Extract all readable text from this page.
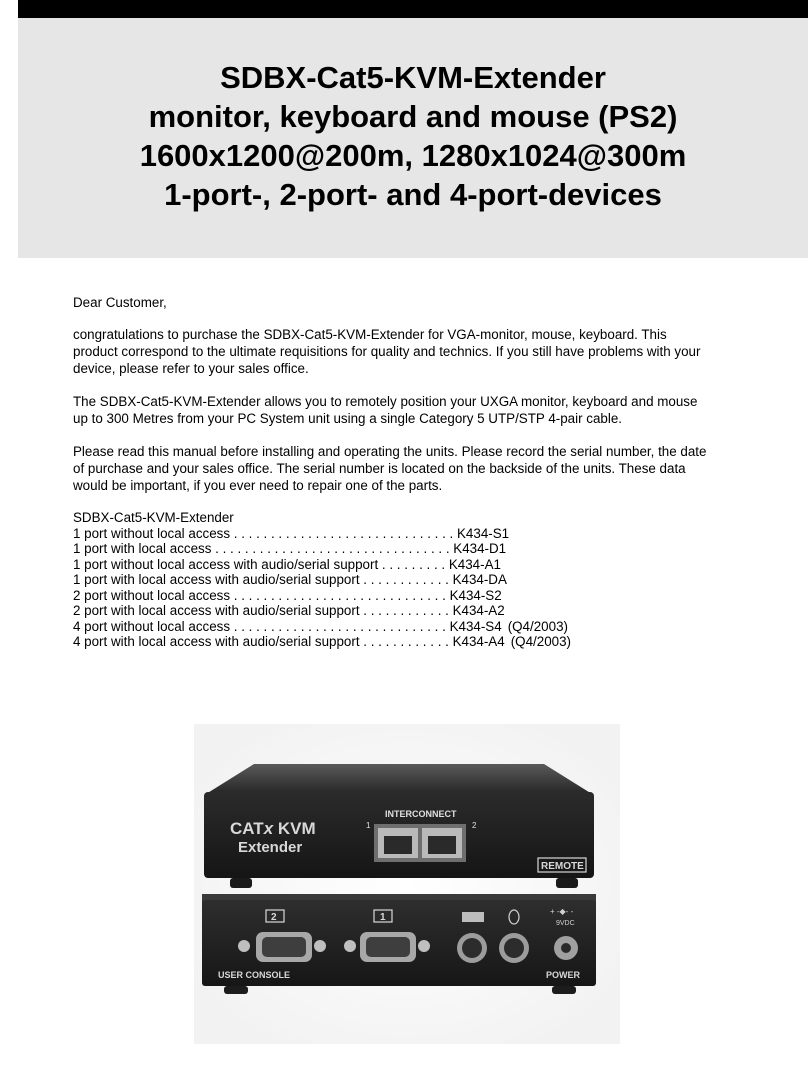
SDBX-Cat5-KVM-Extender
monitor, keyboard and mouse (PS2)
1600x1200@200m, 1280x1024@300m
1-port-, 2-port- and 4-port-devices

Dear Customer,

congratulations to purchase the SDBX-Cat5-KVM-Extender for VGA-monitor, mouse, keyboard. This product correspond to the ultimate requisitions for quality and technics. If you still have problems with your device, please refer to your sales office.

The SDBX-Cat5-KVM-Extender allows you to remotely position your UXGA monitor, keyboard and mouse up to 300 Metres from your PC System unit using a single Category 5 UTP/STP 4-pair cable.

Please read this manual before installing and operating the units. Please record the serial number, the date of purchase and your sales office. The serial number is located on the backside of the units. These data would be important, if you ever need to repair one of the parts.

SDBX-Cat5-KVM-Extender
1 port without local access . . . . . . . . . . . . . . . . . . . . . . . . . . . . . . K434-S1
1 port with local access . . . . . . . . . . . . . . . . . . . . . . . . . . . . . . . . K434-D1
1 port without local access with audio/serial support . . . . . . . . . K434-A1
1 port with local access with audio/serial support . . . . . . . . . . . . K434-DA
2 port without local access . . . . . . . . . . . . . . . . . . . . . . . . . . . . . K434-S2
2 port with local access with audio/serial support . . . . . . . . . . . . K434-A2
4 port without local access . . . . . . . . . . . . . . . . . . . . . . . . . . . . . K434-S4 (Q4/2003)
4 port with local access with audio/serial support . . . . . . . . . . . . K434-A4 (Q4/2003)
CATx KVM
Extender
INTERCONNECT
1	2
REMOTE
2	1
+ -◆- -
9VDC
USER CONSOLE	POWER
